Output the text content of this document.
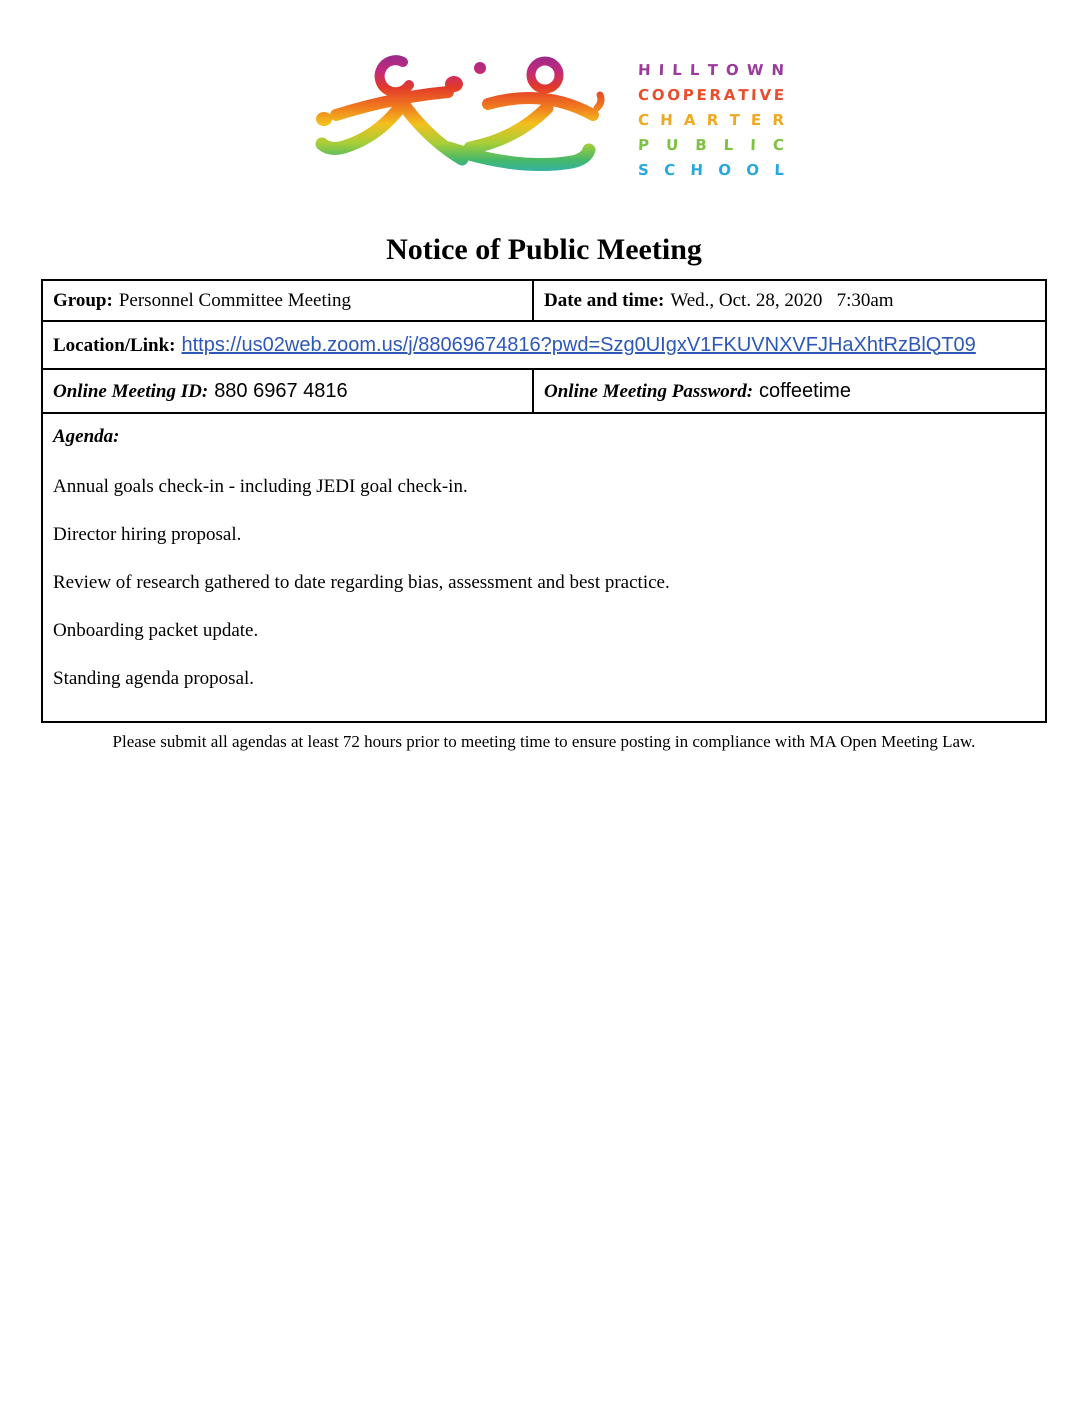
H I L L T O W N
C O O P E R A T I V E
C H A R T E R
P U B L I C
S C H O O L
Notice of Public Meeting
Group: Personnel Committee Meeting	Date and time: Wed., Oct. 28, 2020   7:30am
Location/Link: https://us02web.zoom.us/j/88069674816?pwd=Szg0UIgxV1FKUVNXVFJHaXhtRzBlQT09	
Online Meeting ID: 880 6967 4816	Online Meeting Password: coffeetime

Agenda:

Annual goals check-in - including JEDI goal check-in.

Director hiring proposal.

Review of research gathered to date regarding bias, assessment and best practice.

Onboarding packet update.

Standing agenda proposal.

Please submit all agendas at least 72 hours prior to meeting time to ensure posting in compliance with MA Open Meeting Law.
